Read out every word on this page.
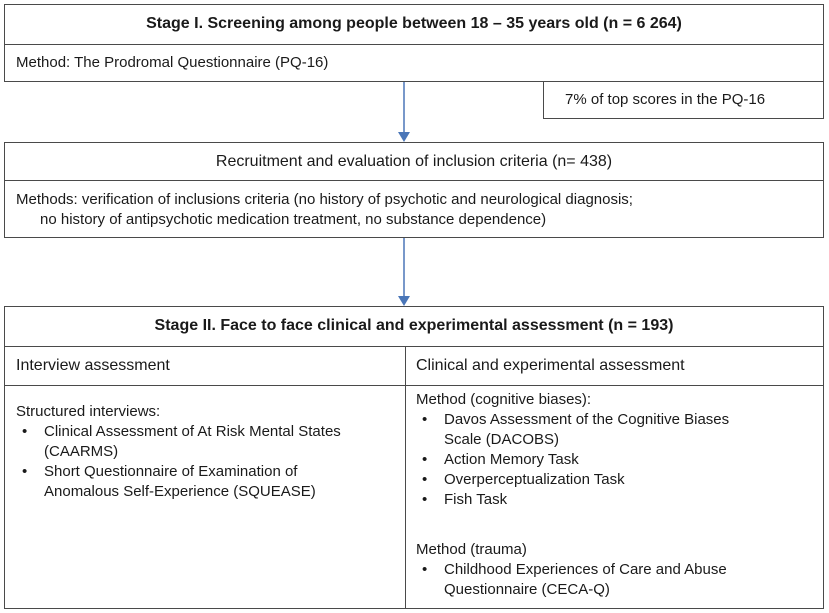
Stage I. Screening among people between 18 – 35 years old (n = 6 264)
Method: The Prodromal Questionnaire (PQ-16)
7% of top scores in the PQ-16
Recruitment and evaluation of inclusion criteria (n= 438)
Methods: verification of inclusions criteria (no history of psychotic and neurological diagnosis;
no history of antipsychotic medication treatment, no substance dependence)
Stage II. Face to face clinical and experimental assessment (n = 193)
Interview assessment
Structured interviews:
• Clinical Assessment of At Risk Mental States
(CAARMS)
• Short Questionnaire of Examination of
Anomalous Self-Experience (SQUEASE)
Clinical and experimental assessment
Method (cognitive biases):
• Davos Assessment of the Cognitive Biases
Scale (DACOBS)
• Action Memory Task
• Overperceptualization Task
• Fish Task
Method (trauma)
• Childhood Experiences of Care and Abuse
Questionnaire (CECA-Q)
